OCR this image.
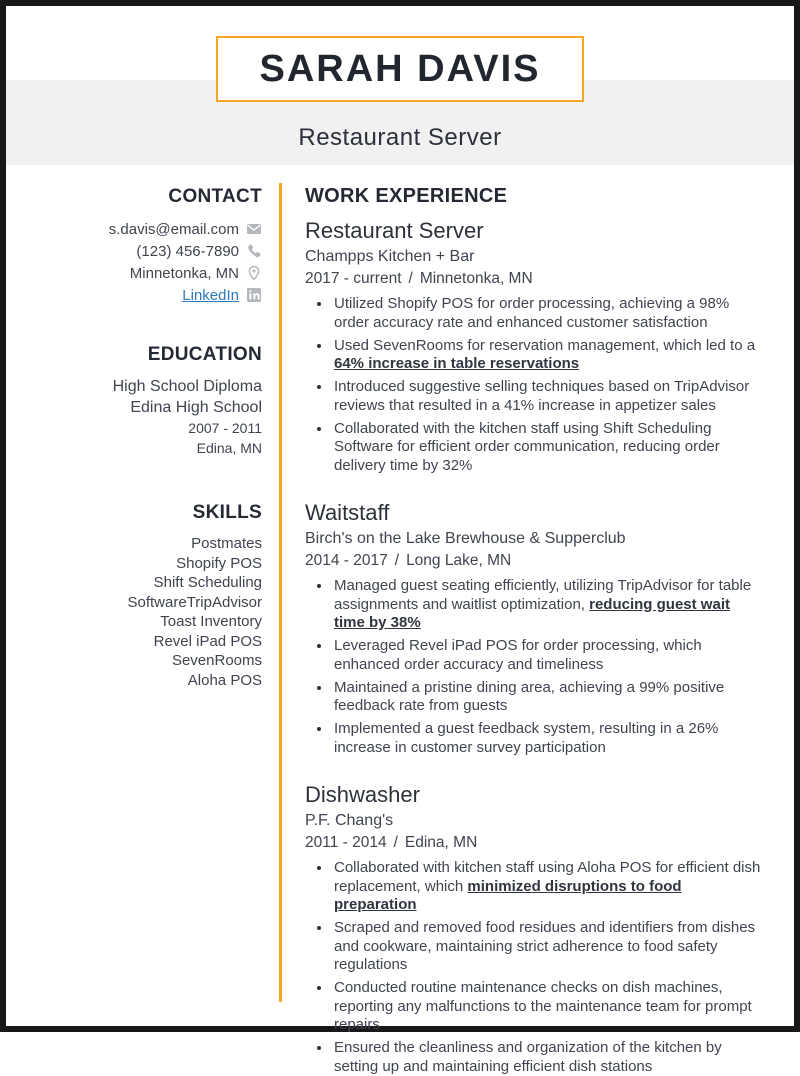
Restaurant Server
SARAH DAVIS
CONTACT
s.davis@email.com
(123) 456-7890
Minnetonka, MN
LinkedIn
EDUCATION
High School Diploma
Edina High School
2007 - 2011
Edina, MN
SKILLS
Postmates
Shopify POS
Shift Scheduling SoftwareTripAdvisor
Toast Inventory
Revel iPad POS
SevenRooms
Aloha POS
WORK EXPERIENCE
Restaurant Server
Champps Kitchen + Bar
2017 - current / Minnetonka, MN
• Utilized Shopify POS for order processing, achieving a 98% order accuracy rate and enhanced customer satisfaction
• Used SevenRooms for reservation management, which led to a 64% increase in table reservations
• Introduced suggestive selling techniques based on TripAdvisor reviews that resulted in a 41% increase in appetizer sales
• Collaborated with the kitchen staff using Shift Scheduling Software for efficient order communication, reducing order delivery time by 32%
Waitstaff
Birch's on the Lake Brewhouse & Supperclub
2014 - 2017 / Long Lake, MN
• Managed guest seating efficiently, utilizing TripAdvisor for table assignments and waitlist optimization, reducing guest wait time by 38%
• Leveraged Revel iPad POS for order processing, which enhanced order accuracy and timeliness
• Maintained a pristine dining area, achieving a 99% positive feedback rate from guests
• Implemented a guest feedback system, resulting in a 26% increase in customer survey participation
Dishwasher
P.F. Chang's
2011 - 2014 / Edina, MN
• Collaborated with kitchen staff using Aloha POS for efficient dish replacement, which minimized disruptions to food preparation
• Scraped and removed food residues and identifiers from dishes and cookware, maintaining strict adherence to food safety regulations
• Conducted routine maintenance checks on dish machines, reporting any malfunctions to the maintenance team for prompt repairs
• Ensured the cleanliness and organization of the kitchen by setting up and maintaining efficient dish stations
